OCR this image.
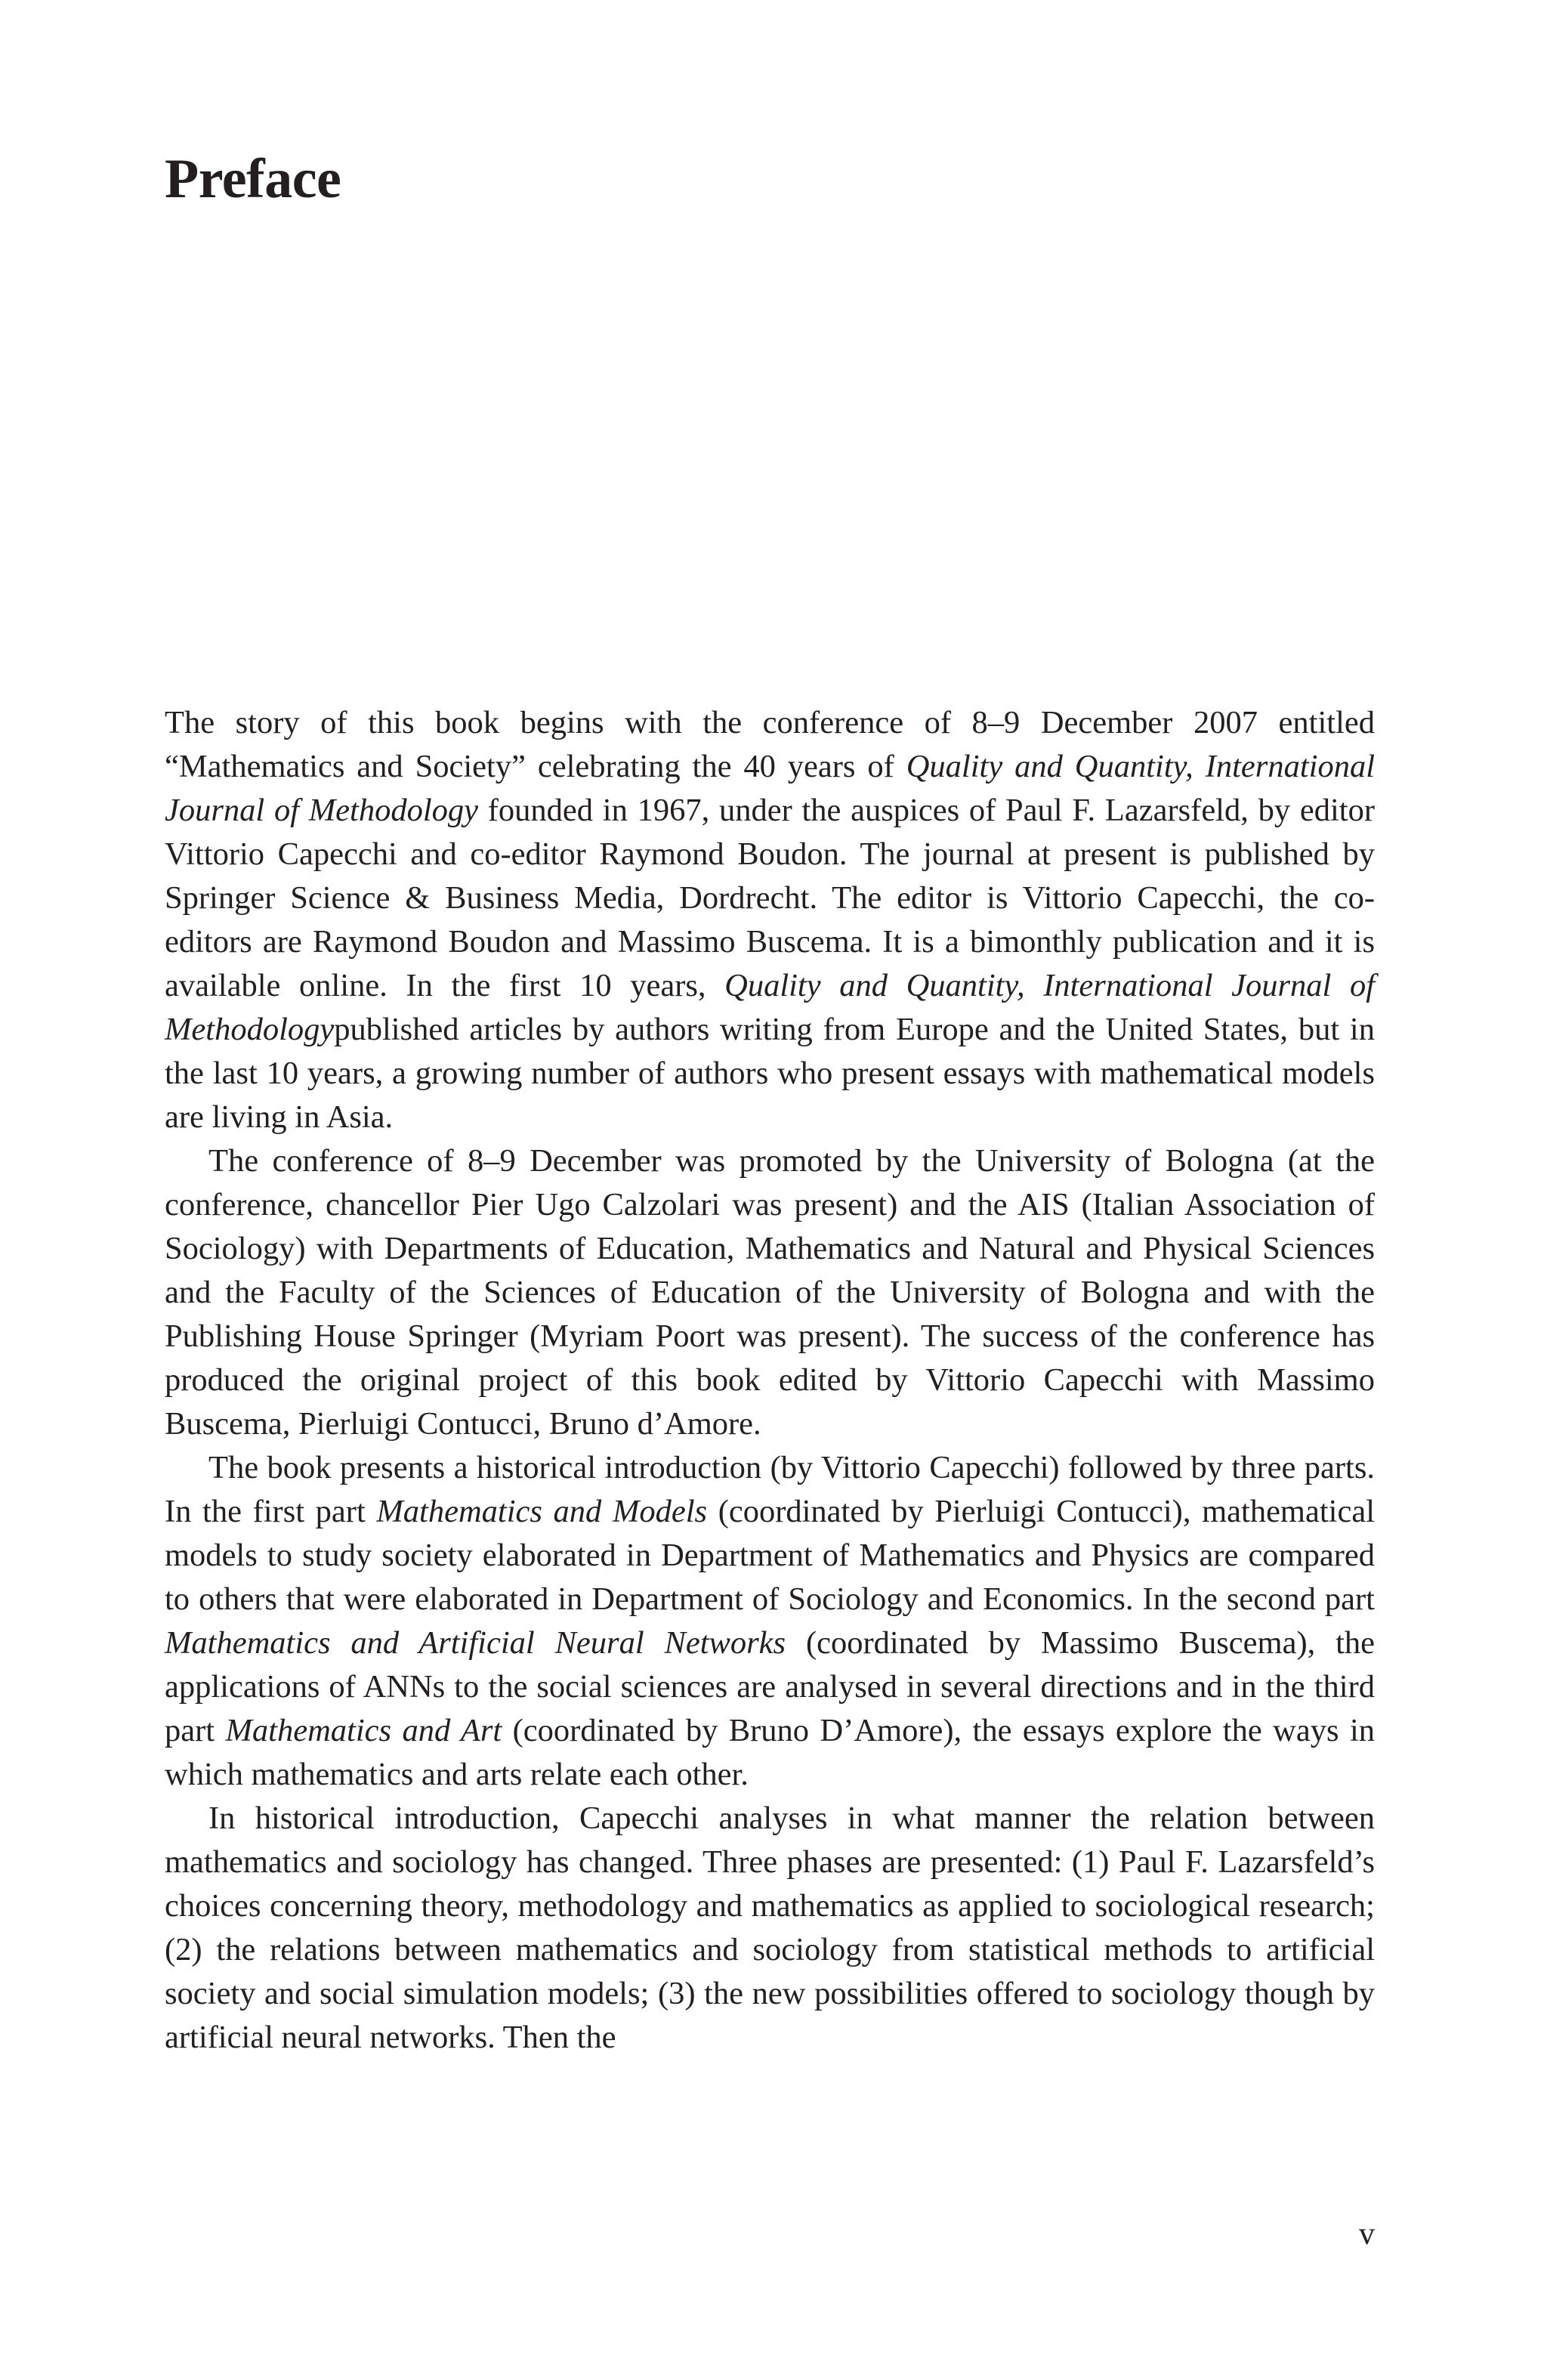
Preface

The story of this book begins with the conference of 8–9 December 2007 entitled “Mathematics and Society” celebrating the 40 years of Quality and Quantity, International Journal of Methodology founded in 1967, under the auspices of Paul F. Lazarsfeld, by editor Vittorio Capecchi and co-editor Raymond Boudon. The journal at present is published by Springer Science & Business Media, Dordrecht. The editor is Vittorio Capecchi, the co-editors are Raymond Boudon and Massimo Buscema. It is a bimonthly publication and it is available online. In the first 10 years, Quality and Quantity, International Journal of Methodologypublished articles by authors writing from Europe and the United States, but in the last 10 years, a growing number of authors who present essays with mathematical models are living in Asia.

The conference of 8–9 December was promoted by the University of Bologna (at the conference, chancellor Pier Ugo Calzolari was present) and the AIS (Italian Association of Sociology) with Departments of Education, Mathematics and Natural and Physical Sciences and the Faculty of the Sciences of Education of the University of Bologna and with the Publishing House Springer (Myriam Poort was present). The success of the conference has produced the original project of this book edited by Vittorio Capecchi with Massimo Buscema, Pierluigi Contucci, Bruno d’Amore.

The book presents a historical introduction (by Vittorio Capecchi) followed by three parts. In the first part Mathematics and Models (coordinated by Pierluigi Contucci), mathematical models to study society elaborated in Department of Mathematics and Physics are compared to others that were elaborated in Department of Sociology and Economics. In the second part Mathematics and Artificial Neural Networks (coordinated by Massimo Buscema), the applications of ANNs to the social sciences are analysed in several directions and in the third part Mathematics and Art (coordinated by Bruno D’Amore), the essays explore the ways in which mathematics and arts relate each other.

In historical introduction, Capecchi analyses in what manner the relation between mathematics and sociology has changed. Three phases are presented: (1) Paul F. Lazarsfeld’s choices concerning theory, methodology and mathematics as applied to sociological research; (2) the relations between mathematics and sociology from statistical methods to artificial society and social simulation models; (3) the new possibilities offered to sociology though by artificial neural networks. Then the

v
